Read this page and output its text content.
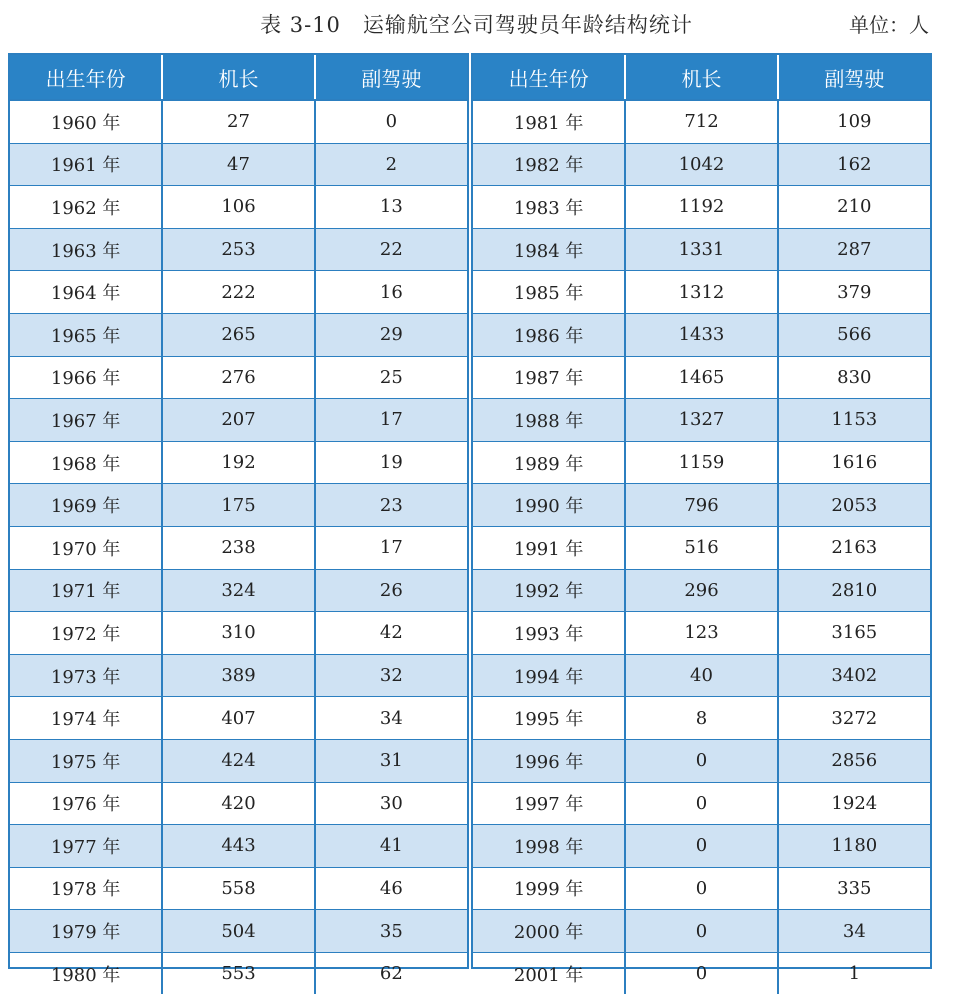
表 3-10　运输航空公司驾驶员年龄结构统计	单位：人
出生年份	机长	副驾驶
1960 年	27	0
1961 年	47	2
1962 年	106	13
1963 年	253	22
1964 年	222	16
1965 年	265	29
1966 年	276	25
1967 年	207	17
1968 年	192	19
1969 年	175	23
1970 年	238	17
1971 年	324	26
1972 年	310	42
1973 年	389	32
1974 年	407	34
1975 年	424	31
1976 年	420	30
1977 年	443	41
1978 年	558	46
1979 年	504	35
1980 年	553	62
出生年份	机长	副驾驶
1981 年	712	109
1982 年	1042	162
1983 年	1192	210
1984 年	1331	287
1985 年	1312	379
1986 年	1433	566
1987 年	1465	830
1988 年	1327	1153
1989 年	1159	1616
1990 年	796	2053
1991 年	516	2163
1992 年	296	2810
1993 年	123	3165
1994 年	40	3402
1995 年	8	3272
1996 年	0	2856
1997 年	0	1924
1998 年	0	1180
1999 年	0	335
2000 年	0	34
2001 年	0	1
